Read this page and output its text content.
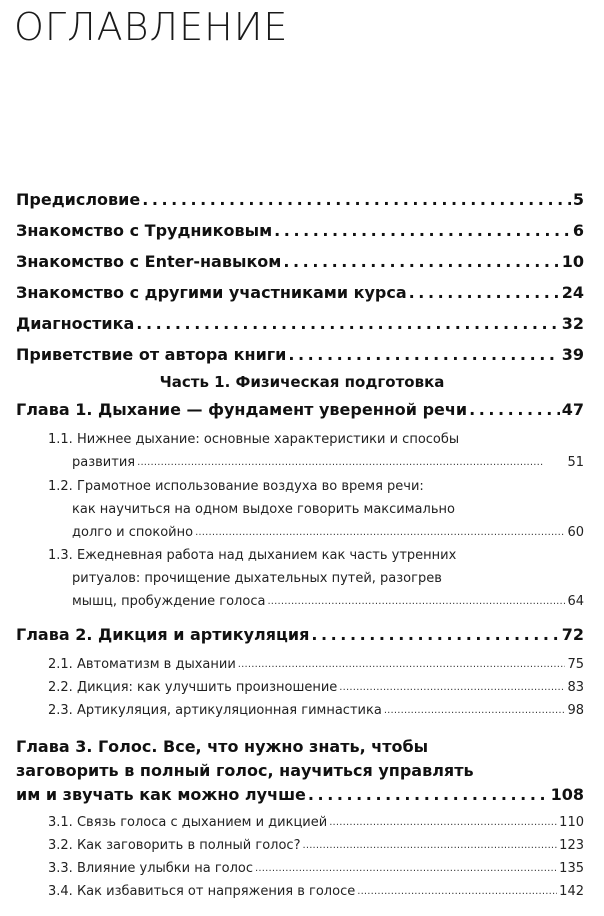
ОГЛАВЛЕНИЕ
Предисловие . . .	5
Знакомство с Трудниковым . . .	6
Знакомство с Enter-навыком . . .	10
Знакомство с другими участниками курса . . .	24
Диагностика . . .	32
Приветствие от автора книги . . .	39
Часть 1. Физическая подготовка
Глава 1. Дыхание — фундамент уверенной речи . . .	47
1.1. Нижнее дыхание: основные характеристики и способы
развития . . .	51
1.2. Грамотное использование воздуха во время речи:
как научиться на одном выдохе говорить максимально
долго и спокойно . . .	60
1.3. Ежедневная работа над дыханием как часть утренних
ритуалов: прочищение дыхательных путей, разогрев
мышц, пробуждение голоса . . .	64
Глава 2. Дикция и артикуляция . . .	72
2.1. Автоматизм в дыхании . . .	75
2.2. Дикция: как улучшить произношение . . .	83
2.3. Артикуляция, артикуляционная гимнастика . . .	98
Глава 3. Голос. Все, что нужно знать, чтобы
заговорить в полный голос, научиться управлять
им и звучать как можно лучше . . .	108
3.1. Связь голоса с дыханием и дикцией . . .	110
3.2. Как заговорить в полный голос? . . .	123
3.3. Влияние улыбки на голос . . .	135
3.4. Как избавиться от напряжения в голосе . . .	142
